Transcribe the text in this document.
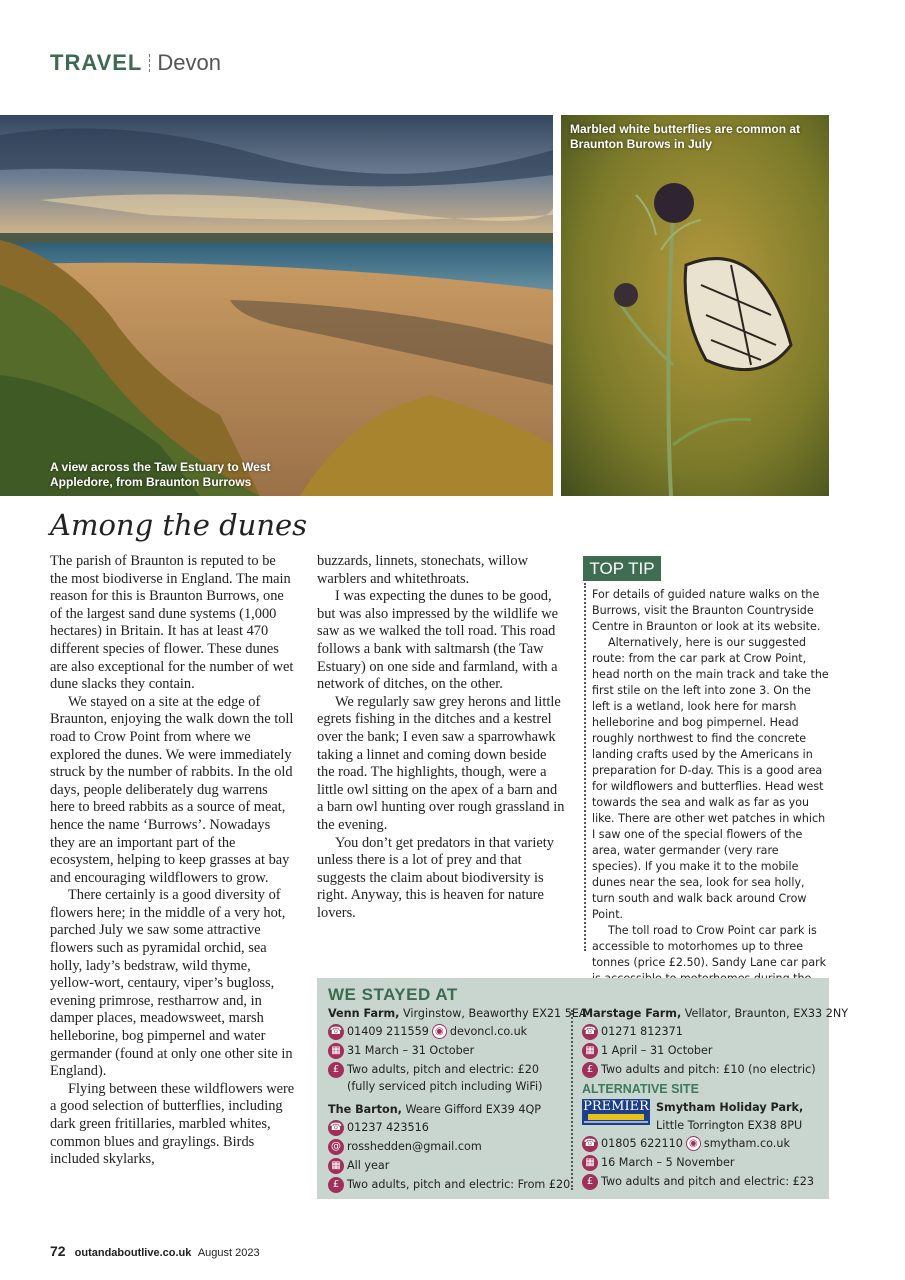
TRAVEL Devon
A view across the Taw Estuary to West Appledore, from Braunton Burrows
Marbled white butterflies are common at Braunton Burows in July
Among the dunes

The parish of Braunton is reputed to be the most biodiverse in England. The main reason for this is Braunton Burrows, one of the largest sand dune systems (1,000 hectares) in Britain. It has at least 470 different species of flower. These dunes are also exceptional for the number of wet dune slacks they contain.

We stayed on a site at the edge of Braunton, enjoying the walk down the toll road to Crow Point from where we explored the dunes. We were immediately struck by the number of rabbits. In the old days, people deliberately dug warrens here to breed rabbits as a source of meat, hence the name ‘Burrows’. Nowadays they are an important part of the ecosystem, helping to keep grasses at bay and encouraging wildflowers to grow.

There certainly is a good diversity of flowers here; in the middle of a very hot, parched July we saw some attractive flowers such as pyramidal orchid, sea holly, lady’s bedstraw, wild thyme, yellow-wort, centaury, viper’s bugloss, evening primrose, restharrow and, in damper places, meadowsweet, marsh helleborine, bog pimpernel and water germander (found at only one other site in England).

Flying between these wildflowers were a good selection of butterflies, including dark green fritillaries, marbled whites, common blues and graylings. Birds included skylarks,

buzzards, linnets, stonechats, willow warblers and whitethroats.

I was expecting the dunes to be good, but was also impressed by the wildlife we saw as we walked the toll road. This road follows a bank with saltmarsh (the Taw Estuary) on one side and farmland, with a network of ditches, on the other.

We regularly saw grey herons and little egrets fishing in the ditches and a kestrel over the bank; I even saw a sparrowhawk taking a linnet and coming down beside the road. The highlights, though, were a little owl sitting on the apex of a barn and a barn owl hunting over rough grassland in the evening.

You don’t get predators in that variety unless there is a lot of prey and that suggests the claim about biodiversity is right. Anyway, this is heaven for nature lovers.

TOP TIP

For details of guided nature walks on the Burrows, visit the Braunton Countryside Centre in Braunton or look at its website.

Alternatively, here is our suggested route: from the car park at Crow Point, head north on the main track and take the first stile on the left into zone 3. On the left is a wetland, look here for marsh helleborine and bog pimpernel. Head roughly northwest to find the concrete landing crafts used by the Americans in preparation for D-day. This is a good area for wildflowers and butterflies. Head west towards the sea and walk as far as you like. There are other wet patches in which I saw one of the special flowers of the area, water germander (very rare species). If you make it to the mobile dunes near the sea, look for sea holly, turn south and walk back around Crow Point.

The toll road to Crow Point car park is accessible to motorhomes up to three tonnes (price £2.50). Sandy Lane car park

WE STAYED AT
Venn Farm, Virginstow, Beaworthy EX21 5EA
☎ 01409 211559 ◉ devoncl.co.uk
▦ 31 March – 31 October
£ Two adults, pitch and electric: £20 (fully serviced pitch including WiFi)
The Barton, Weare Gifford EX39 4QP
☎ 01237 423516
@ rosshedden@gmail.com
▦ All year
£ Two adults, pitch and electric: From £20
Marstage Farm, Vellator, Braunton, EX33 2NY
☎ 01271 812371
▦ 1 April – 31 October
£ Two adults and pitch: £10 (no electric)
ALTERNATIVE SITE
PREMIER Smytham Holiday Park,
Little Torrington EX38 8PU
☎ 01805 622110 ◉ smytham.co.uk
▦ 16 March – 5 November
£ Two adults and pitch and electric: £23
72 outandaboutlive.co.uk August 2023
